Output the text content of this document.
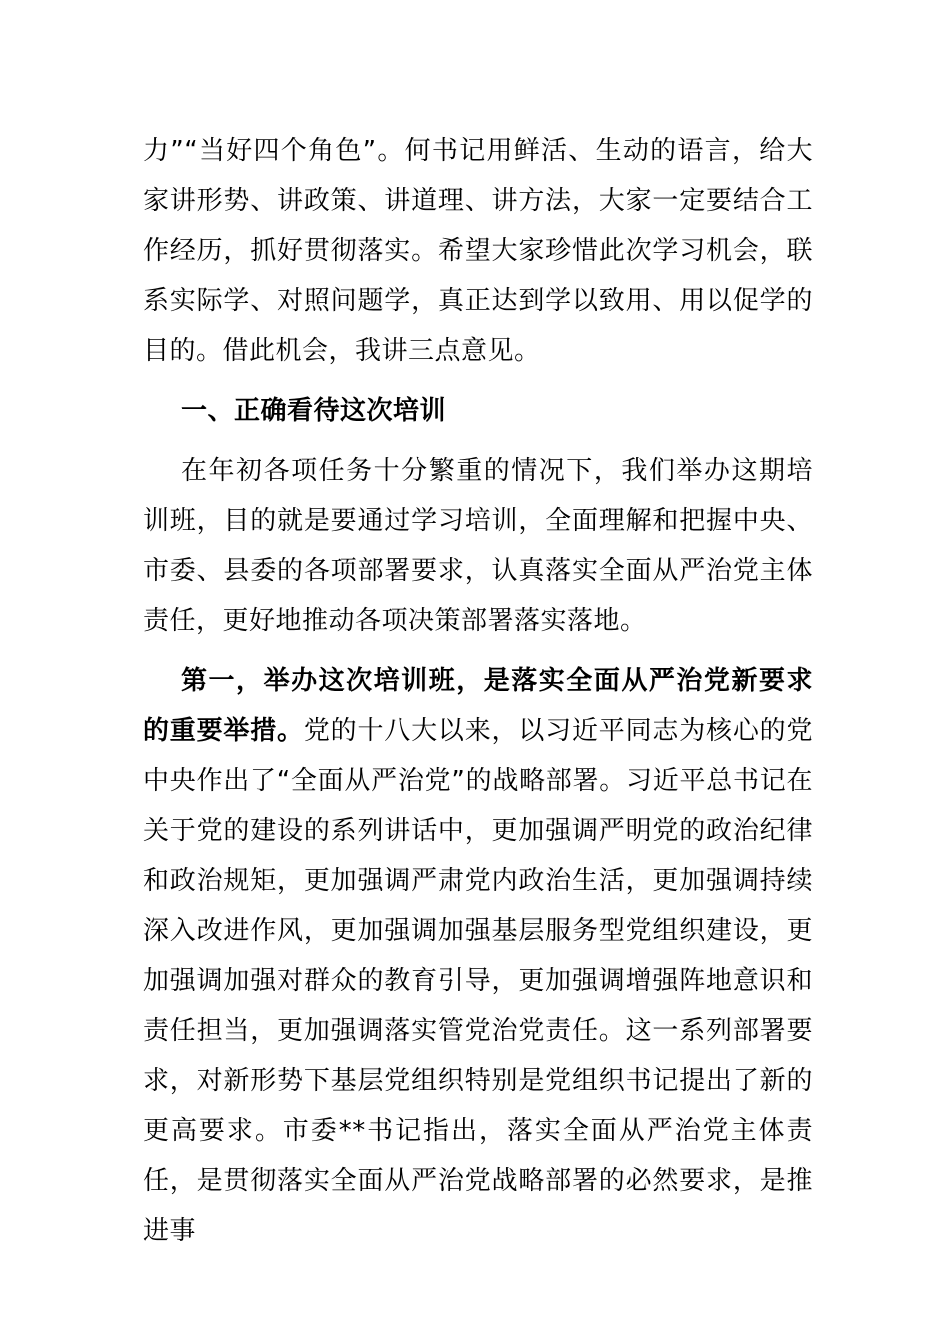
力”“当好四个角色”。何书记用鲜活、生动的语言，给大家讲形势、讲政策、讲道理、讲方法，大家一定要结合工作经历，抓好贯彻落实。希望大家珍惜此次学习机会，联系实际学、对照问题学，真正达到学以致用、用以促学的目的。借此机会，我讲三点意见。

一、正确看待这次培训

在年初各项任务十分繁重的情况下，我们举办这期培训班，目的就是要通过学习培训，全面理解和把握中央、市委、县委的各项部署要求，认真落实全面从严治党主体责任，更好地推动各项决策部署落实落地。

第一，举办这次培训班，是落实全面从严治党新要求的重要举措。党的十八大以来，以习近平同志为核心的党中央作出了“全面从严治党”的战略部署。习近平总书记在关于党的建设的系列讲话中，更加强调严明党的政治纪律和政治规矩，更加强调严肃党内政治生活，更加强调持续深入改进作风，更加强调加强基层服务型党组织建设，更加强调加强对群众的教育引导，更加强调增强阵地意识和责任担当，更加强调落实管党治党责任。这一系列部署要求，对新形势下基层党组织特别是党组织书记提出了新的更高要求。市委**书记指出，落实全面从严治党主体责任，是贯彻落实全面从严治党战略部署的必然要求，是推进事
